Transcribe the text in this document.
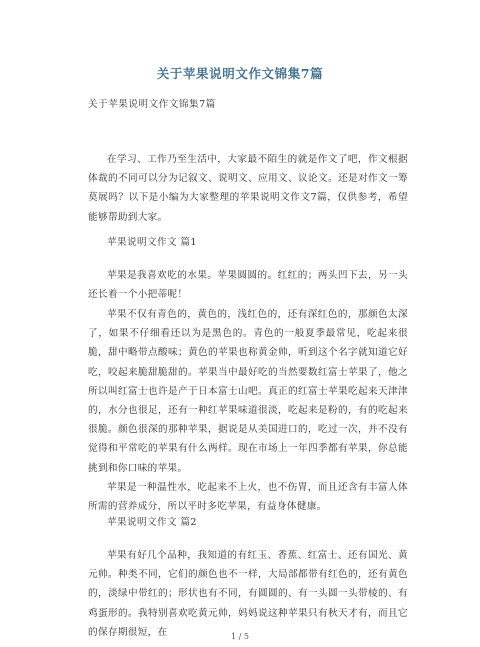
关于苹果说明文作文锦集7篇
关于苹果说明文作文锦集7篇

在学习、工作乃至生活中，大家最不陌生的就是作文了吧，作文根据体裁的不同可以分为记叙文、说明文、应用文、议论文。还是对作文一筹莫展吗？以下是小编为大家整理的苹果说明文作文7篇，仅供参考，希望能够帮助到大家。

苹果说明文作文 篇1

苹果是我喜欢吃的水果。苹果圆圆的。红红的；两头凹下去，另一头还长着一个小把蒂呢！

苹果不仅有青色的，黄色的，浅红色的，还有深红色的，那颜色太深了，如果不仔细看还以为是黑色的。青色的一般夏季最常见，吃起来很脆，甜中略带点酸味；黄色的苹果也称黄金帅，听到这个名字就知道它好吃，咬起来脆甜脆甜的。苹果当中最好吃的当然要数红富士苹果了，他之所以叫红富士也许是产于日本富士山吧。真正的红富士苹果吃起来天津津的，水分也很足，还有一种红苹果味道很淡，吃起来是粉的，有的吃起来很脆。颜色很深的那种苹果，据说是从美国进口的，吃过一次，并不没有觉得和平常吃的苹果有什么两样。现在市场上一年四季都有苹果，你总能挑到和你口味的苹果。

苹果是一种温性水，吃起来不上火，也不伤胃，而且还含有丰富人体所需的营养成分，所以平时多吃苹果，有益身体健康。

苹果说明文作文 篇2

苹果有好几个品种，我知道的有红玉、香蕉、红富士、还有国光、黄元帅。种类不同，它们的颜色也不一样，大局部都带有红色的，还有黄色的，淡绿中带红的；形状也有不同，有圆圆的、有一头圆一头带棱的、有鸡蛋形的。我特别喜欢吃黄元帅，妈妈说这种苹果只有秋天才有，而且它的保存期很短，在	1 / 5
